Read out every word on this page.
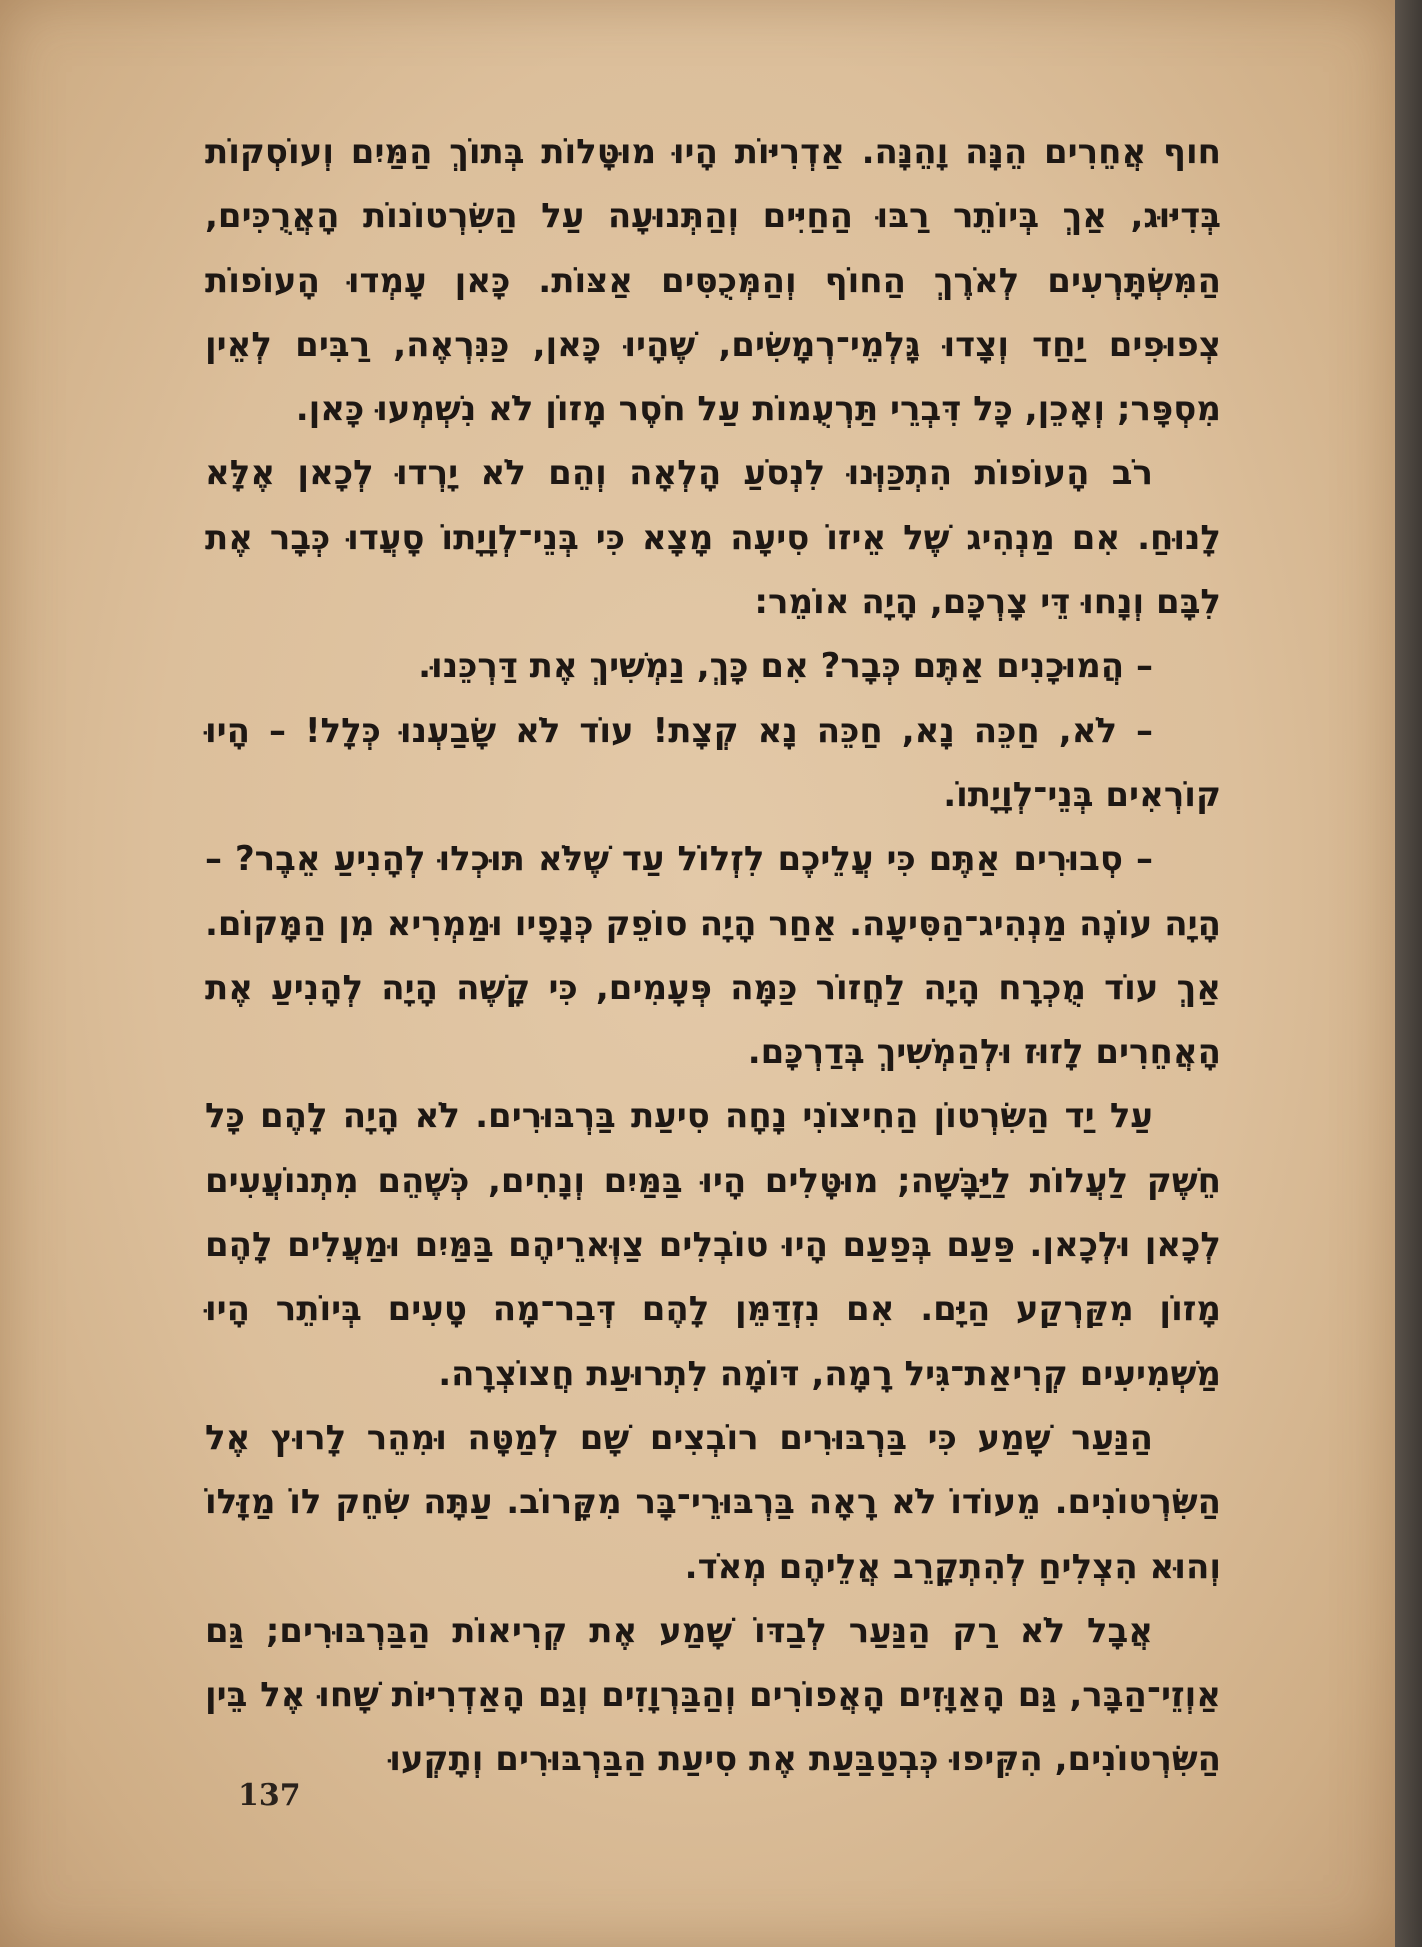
חוף אֲחֵרִים הֵנָּה וָהֵנָּה. אַדְרִיּוֹת הָיוּ מוּטָּלוֹת בְּתוֹךְ הַמַּיִם וְעוֹסְקוֹת בְּדִיּוּג, אַךְ בְּיוֹתֵר רַבּוּ הַחַיִּים וְהַתְּנוּעָה עַל הַשִּׂרְטוֹנוֹת הָאֲרֻכִּים, הַמִּשְׂתָּרְעִים לְאֹרֶךְ הַחוֹף וְהַמְּכֻסִּים אַצּוֹת. כָּאן עָמְדוּ הָעוֹפוֹת צְפוּפִים יַחַד וְצָדוּ גָּלְמֵי־רְמָשִׂים, שֶׁהָיוּ כָּאן, כַּנִּרְאֶה, רַבִּים לְאֵין מִסְפָּר; וְאָכֵן, כָּל דִּבְרֵי תַּרְעֻמוֹת עַל חֹסֶר מָזוֹן לֹא נִשְׁמְעוּ כָּאן.

רֹב הָעוֹפוֹת הִתְכַּוְּנוּ לִנְסֹעַ הָלְאָה וְהֵם לֹא יָרְדוּ לְכָאן אֶלָּא לָנוּחַ. אִם מַנְהִיג שֶׁל אֵיזוֹ סִיעָה מָצָא כִּי בְּנֵי־לְוָיָתוֹ סָעֲדוּ כְּבָר אֶת לִבָּם וְנָחוּ דֵּי צָרְכָּם, הָיָה אוֹמֵר:

– הֲמוּכָנִים אַתֶּם כְּבָר? אִם כָּךְ, נַמְשִׁיךְ אֶת דַּרְכֵּנוּ.

– לֹא, חַכֵּה נָא, חַכֵּה נָא קְצָת! עוֹד לֹא שָׂבַעְנוּ כְּלָל! – הָיוּ קוֹרְאִים בְּנֵי־לְוָיָתוֹ.

– סְבוּרִים אַתֶּם כִּי עֲלֵיכֶם לִזְלוֹל עַד שֶׁלֹּא תּוּכְלוּ לְהָנִיעַ אֵבֶר? – הָיָה עוֹנֶה מַנְהִיג־הַסִּיעָה. אַחַר הָיָה סוֹפֵק כְּנָפָיו וּמַמְרִיא מִן הַמָּקוֹם. אַךְ עוֹד מֻכְרָח הָיָה לַחֲזוֹר כַּמָּה פְּעָמִים, כִּי קָשֶׁה הָיָה לְהָנִיעַ אֶת הָאֲחֵרִים לָזוּז וּלְהַמְשִׁיךְ בְּדַרְכָּם.

עַל יַד הַשִּׂרְטוֹן הַחִיצוֹנִי נָחָה סִיעַת בַּרְבּוּרִים. לֹא הָיָה לָהֶם כָּל חֵשֶׁק לַעֲלוֹת לַיַּבָּשָׁה; מוּטָּלִים הָיוּ בַּמַּיִם וְנָחִים, כְּשֶׁהֵם מִתְנוֹעֲעִים לְכָאן וּלְכָאן. פַּעַם בְּפַעַם הָיוּ טוֹבְלִים צַוְּארֵיהֶם בַּמַּיִם וּמַעֲלִים לָהֶם מָזוֹן מִקַּרְקַע הַיָּם. אִם נִזְדַּמֵּן לָהֶם דְּבַר־מָה טָעִים בְּיוֹתֵר הָיוּ מַשְׁמִיעִים קְרִיאַת־גִּיל רָמָה, דּוֹמָה לִתְרוּעַת חֲצוֹצְרָה.

הַנַּעַר שָׁמַע כִּי בַּרְבּוּרִים רוֹבְצִים שָׁם לְמַטָּה וּמִהֵר לָרוּץ אֶל הַשִּׂרְטוֹנִים. מֵעוֹדוֹ לֹא רָאָה בַּרְבּוּרֵי־בָּר מִקָּרוֹב. עַתָּה שִׂחֵק לוֹ מַזָּלוֹ וְהוּא הִצְלִיחַ לְהִתְקָרֵב אֲלֵיהֶם מְאֹד.

אֲבָל לֹא רַק הַנַּעַר לְבַדּוֹ שָׁמַע אֶת קְרִיאוֹת הַבַּרְבּוּרִים; גַּם אַוְזֵי־הַבָּר, גַּם הָאַוָּזִים הָאֲפוֹרִים וְהַבַּרְוָזִים וְגַם הָאַדְרִיּוֹת שָׁחוּ אֶל בֵּין הַשִּׂרְטוֹנִים, הִקִּיפוּ כְּבְטַבַּעַת אֶת סִיעַת הַבַּרְבּוּרִים וְתָקְעוּ

137
